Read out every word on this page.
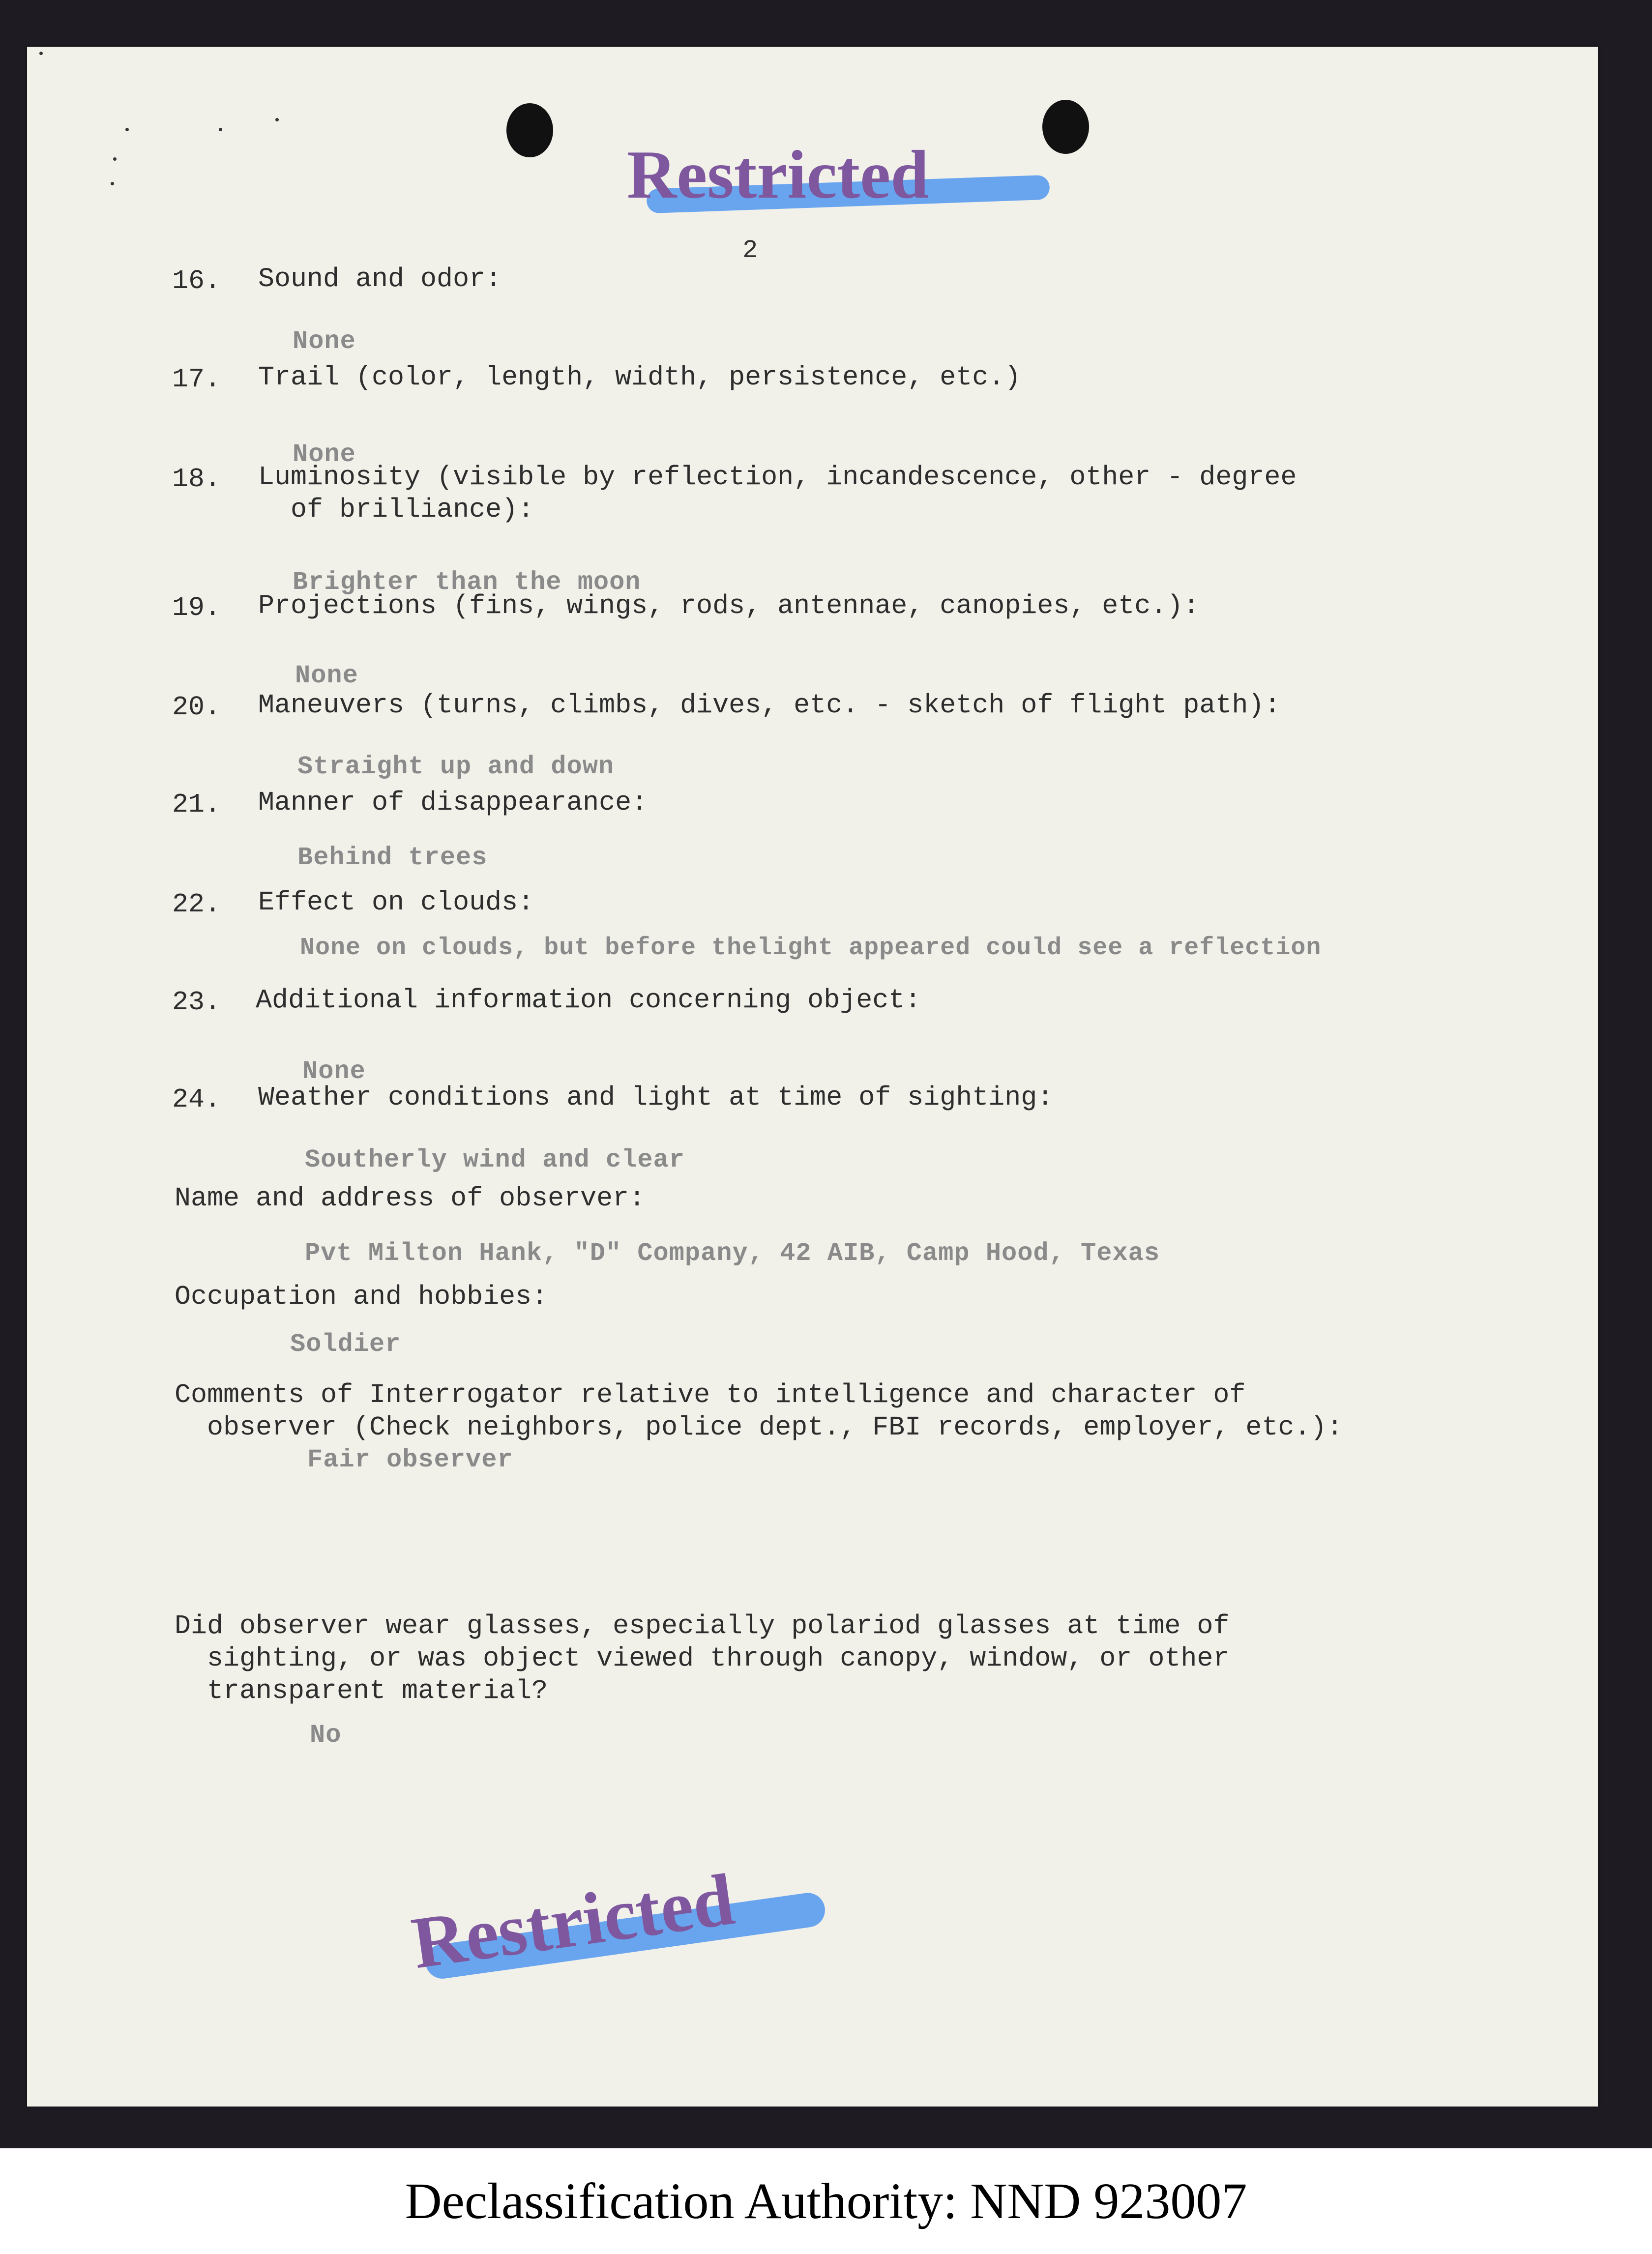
Restricted
2
16. Sound and odor:
None
17. Trail (color, length, width, persistence, etc.)
None
18. Luminosity (visible by reflection, incandescence, other - degree
of brilliance):
Brighter than the moon
19. Projections (fins, wings, rods, antennae, canopies, etc.):
None
20. Maneuvers (turns, climbs, dives, etc. - sketch of flight path):
Straight up and down
21. Manner of disappearance:
Behind trees
22. Effect on clouds:
None on clouds, but before thelight appeared could see a reflection
23. Additional information concerning object:
None
24. Weather conditions and light at time of sighting:
Southerly wind and clear
Name and address of observer:
Pvt Milton Hank, "D" Company, 42 AIB, Camp Hood, Texas
Occupation and hobbies:
Soldier
Comments of Interrogator relative to intelligence and character of
observer (Check neighbors, police dept., FBI records, employer, etc.):
Fair observer
Did observer wear glasses, especially polariod glasses at time of
sighting, or was object viewed through canopy, window, or other
transparent material?
No
Restricted
Declassification Authority: NND 923007
